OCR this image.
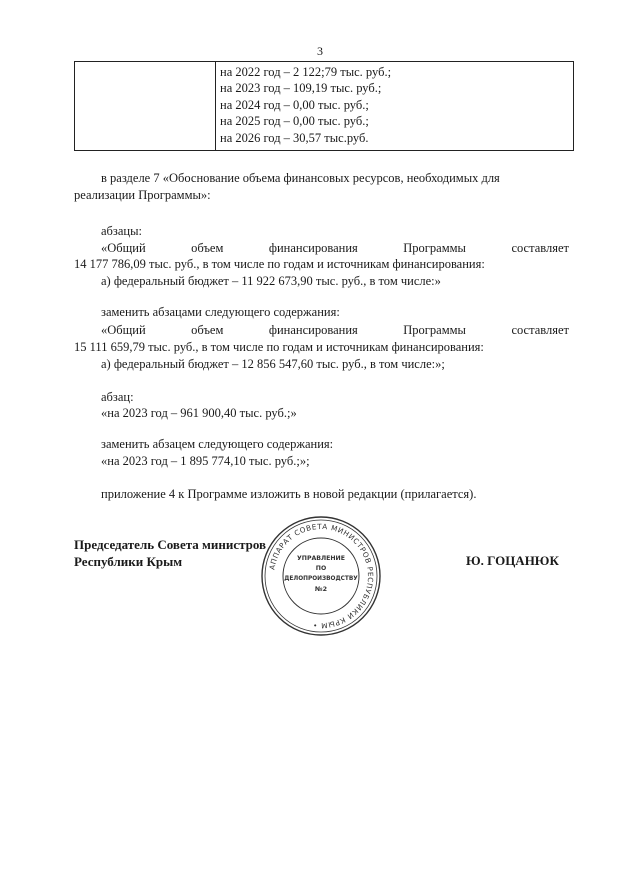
3

на 2022 год – 2 122;79 тыс. руб.;
на 2023 год – 109,19 тыс. руб.;
на 2024 год – 0,00 тыс. руб.;
на 2025 год – 0,00 тыс. руб.;
на 2026 год – 30,57 тыс.руб.
в разделе 7 «Обоснование объема финансовых ресурсов, необходимых для
реализации Программы»:
абзацы:
«Общий	объем	финансирования	Программы	составляет
14 177 786,09 тыс. руб., в том числе по годам и источникам финансирования:
а) федеральный бюджет – 11 922 673,90 тыс. руб., в том числе:»
заменить абзацами следующего содержания:
«Общий	объем	финансирования	Программы	составляет
15 111 659,79 тыс. руб., в том числе по годам и источникам финансирования:
а) федеральный бюджет – 12 856 547,60 тыс. руб., в том числе:»;
абзац:
«на 2023 год – 961 900,40 тыс. руб.;»
заменить абзацем следующего содержания:
«на 2023 год – 1 895 774,10 тыс. руб.;»;
приложение 4 к Программе изложить в новой редакции (прилагается).
Председатель Совета министров
Республики Крым	Ю. ГОЦАНЮК
АППАРАТ СОВЕТА МИНИСТРОВ РЕСПУБЛИКИ КРЫМ •
УПРАВЛЕНИЕ
ПО
ДЕЛОПРОИЗВОДСТВУ
№2
